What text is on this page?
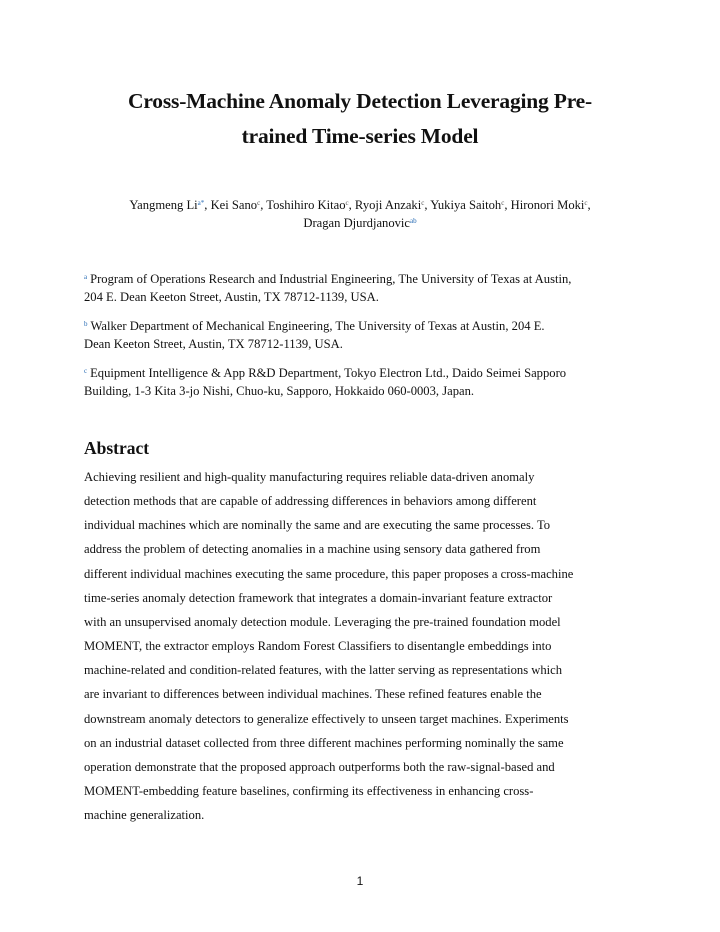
Cross-Machine Anomaly Detection Leveraging Pre-
trained Time-series Model
Yangmeng $Li^{a*}$, Kei Sano$^c$, Toshihiro Kitao$^c$, Ryoji Anzaki$^c$, Yukiya Saitoh$^c$, Hironori Moki$^c$,
Dragan Djurdjanovic$^{ab}$
$^a$ Program of Operations Research and Industrial Engineering, The University of Texas at Austin,
204 E. Dean Keeton Street, Austin, TX 78712-1139, USA.
$^b$ Walker Department of Mechanical Engineering, The University of Texas at Austin, 204 E.
Dean Keeton Street, Austin, TX 78712-1139, USA.
$^c$ Equipment Intelligence & App R&D Department, Tokyo Electron Ltd., Daido Seimei Sapporo
Building, 1-3 Kita 3-jo Nishi, Chuo-ku, Sapporo, Hokkaido 060-0003, Japan.
Abstract
Achieving resilient and high-quality manufacturing requires reliable data-driven anomaly
detection methods that are capable of addressing differences in behaviors among different
individual machines which are nominally the same and are executing the same processes. To
address the problem of detecting anomalies in a machine using sensory data gathered from
different individual machines executing the same procedure, this paper proposes a cross-machine
time-series anomaly detection framework that integrates a domain-invariant feature extractor
with an unsupervised anomaly detection module. Leveraging the pre-trained foundation model
MOMENT, the extractor employs Random Forest Classifiers to disentangle embeddings into
machine-related and condition-related features, with the latter serving as representations which
are invariant to differences between individual machines. These refined features enable the
downstream anomaly detectors to generalize effectively to unseen target machines. Experiments
on an industrial dataset collected from three different machines performing nominally the same
operation demonstrate that the proposed approach outperforms both the raw-signal-based and
MOMENT-embedding feature baselines, confirming its effectiveness in enhancing cross-
machine generalization.
1
